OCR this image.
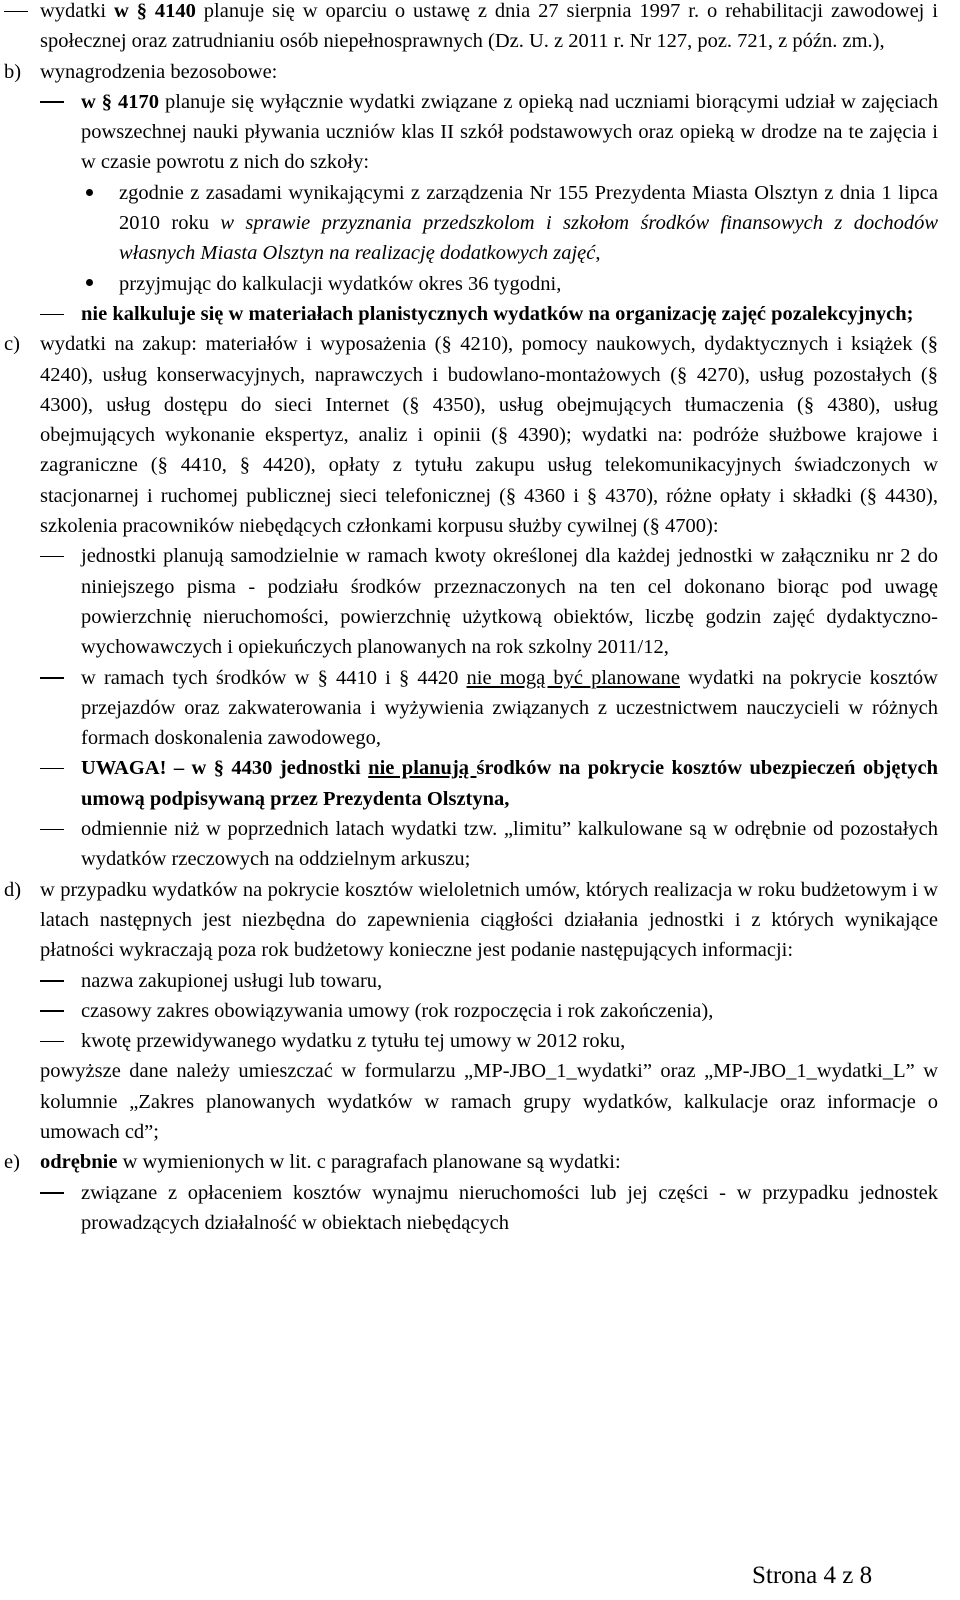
wydatki w § 4140 planuje się w oparciu o ustawę z dnia 27 sierpnia 1997 r. o rehabilitacji zawodowej i społecznej oraz zatrudnianiu osób niepełnosprawnych (Dz. U. z 2011 r. Nr 127, poz. 721, z późn. zm.),

b) wynagrodzenia bezosobowe:

w § 4170 planuje się wyłącznie wydatki związane z opieką nad uczniami biorącymi udział w zajęciach powszechnej nauki pływania uczniów klas II szkół podstawowych oraz opieką w drodze na te zajęcia i w czasie powrotu z nich do szkoły:

zgodnie z zasadami wynikającymi z zarządzenia Nr 155 Prezydenta Miasta Olsztyn z dnia 1 lipca 2010 roku w sprawie przyznania przedszkolom i szkołom środków finansowych z dochodów własnych Miasta Olsztyn na realizację dodatkowych zajęć,

przyjmując do kalkulacji wydatków okres 36 tygodni,

nie kalkuluje się w materiałach planistycznych wydatków na organizację zajęć pozalekcyjnych;

c) wydatki na zakup: materiałów i wyposażenia (§ 4210), pomocy naukowych, dydaktycznych i książek (§ 4240), usług konserwacyjnych, naprawczych i budowlano-montażowych (§ 4270), usług pozostałych (§ 4300), usług dostępu do sieci Internet (§ 4350), usług obejmujących tłumaczenia (§ 4380), usług obejmujących wykonanie ekspertyz, analiz i opinii (§ 4390); wydatki na: podróże służbowe krajowe i zagraniczne (§ 4410, § 4420), opłaty z tytułu zakupu usług telekomunikacyjnych świadczonych w stacjonarnej i ruchomej publicznej sieci telefonicznej (§ 4360 i § 4370), różne opłaty i składki (§ 4430), szkolenia pracowników niebędących członkami korpusu służby cywilnej (§ 4700):

jednostki planują samodzielnie w ramach kwoty określonej dla każdej jednostki w załączniku nr 2 do niniejszego pisma - podziału środków przeznaczonych na ten cel dokonano biorąc pod uwagę powierzchnię nieruchomości, powierzchnię użytkową obiektów, liczbę godzin zajęć dydaktyczno-wychowawczych i opiekuńczych planowanych na rok szkolny 2011/12,

w ramach tych środków w § 4410 i § 4420 nie mogą być planowane wydatki na pokrycie kosztów przejazdów oraz zakwaterowania i wyżywienia związanych z uczestnictwem nauczycieli w różnych formach doskonalenia zawodowego,

UWAGA! – w § 4430 jednostki nie planują środków na pokrycie kosztów ubezpieczeń objętych umową podpisywaną przez Prezydenta Olsztyna,

odmiennie niż w poprzednich latach wydatki tzw. „limitu” kalkulowane są w odrębnie od pozostałych wydatków rzeczowych na oddzielnym arkuszu;

d) w przypadku wydatków na pokrycie kosztów wieloletnich umów, których realizacja w roku budżetowym i w latach następnych jest niezbędna do zapewnienia ciągłości działania jednostki i z których wynikające płatności wykraczają poza rok budżetowy konieczne jest podanie następujących informacji:

nazwa zakupionej usługi lub towaru,

czasowy zakres obowiązywania umowy (rok rozpoczęcia i rok zakończenia),

kwotę przewidywanego wydatku z tytułu tej umowy w 2012 roku,

powyższe dane należy umieszczać w formularzu „MP-JBO_1_wydatki” oraz „MP-JBO_1_wydatki_L” w kolumnie „Zakres planowanych wydatków w ramach grupy wydatków, kalkulacje oraz informacje o umowach cd”;

e) odrębnie w wymienionych w lit. c paragrafach planowane są wydatki:

związane z opłaceniem kosztów wynajmu nieruchomości lub jej części - w przypadku jednostek prowadzących działalność w obiektach niebędących

Strona 4 z 8
